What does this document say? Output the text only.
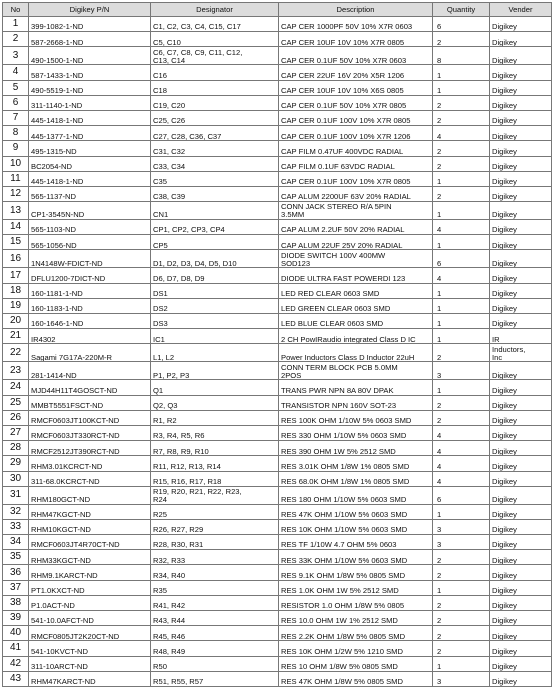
No	Digikey P/N	Designator	Description	Quantity	Vender
1	399-1082-1-ND	C1, C2, C3, C4, C15, C17	CAP CER 1000PF 50V 10% X7R 0603	6	Digikey
2	587-2668-1-ND	C5, C10	CAP CER 10UF 10V 10% X7R 0805	2	Digikey
3	490-1500-1-ND	C6, C7, C8, C9, C11, C12,
C13, C14	CAP CER 0.1UF 50V 10% X7R 0603	8	Digikey
4	587-1433-1-ND	C16	CAP CER 22UF 16V 20% X5R 1206	1	Digikey
5	490-5519-1-ND	C18	CAP CER 10UF 10V 10% X6S 0805	1	Digikey
6	311-1140-1-ND	C19, C20	CAP CER 0.1UF 50V 10% X7R 0805	2	Digikey
7	445-1418-1-ND	C25, C26	CAP CER 0.1UF 100V 10% X7R 0805	2	Digikey
8	445-1377-1-ND	C27, C28, C36, C37	CAP CER 0.1UF 100V 10% X7R 1206	4	Digikey
9	495-1315-ND	C31, C32	CAP FILM 0.47UF 400VDC RADIAL	2	Digikey
10	BC2054-ND	C33, C34	CAP FILM 0.1UF 63VDC RADIAL	2	Digikey
11	445-1418-1-ND	C35	CAP CER 0.1UF 100V 10% X7R 0805	1	Digikey
12	565-1137-ND	C38, C39	CAP ALUM 2200UF 63V 20% RADIAL	2	Digikey
13	CP1-3545N-ND	CN1	CONN JACK STEREO R/A 5PIN
3.5MM	1	Digikey
14	565-1103-ND	CP1, CP2, CP3, CP4	CAP ALUM 2.2UF 50V 20% RADIAL	4	Digikey
15	565-1056-ND	CP5	CAP ALUM 22UF 25V 20% RADIAL	1	Digikey
16	1N4148W-FDICT-ND	D1, D2, D3, D4, D5, D10	DIODE SWITCH 100V 400MW
SOD123	6	Digikey
17	DFLU1200-7DICT-ND	D6, D7, D8, D9	DIODE ULTRA FAST POWERDI 123	4	Digikey
18	160-1181-1-ND	DS1	LED RED CLEAR 0603 SMD	1	Digikey
19	160-1183-1-ND	DS2	LED GREEN CLEAR 0603 SMD	1	Digikey
20	160-1646-1-ND	DS3	LED BLUE CLEAR 0603 SMD	1	Digikey
21	IR4302	IC1	2 CH PowIRaudio integrated Class D IC	1	IR
22	Sagami 7G17A-220M-R	L1, L2	Power Inductors Class D Inductor 22uH	2	Inductors,
Inc
23	281-1414-ND	P1, P2, P3	CONN TERM BLOCK PCB 5.0MM
2POS	3	Digikey
24	MJD44H11T4GOSCT-ND	Q1	TRANS PWR NPN 8A 80V DPAK	1	Digikey
25	MMBT5551FSCT-ND	Q2, Q3	TRANSISTOR NPN 160V SOT-23	2	Digikey
26	RMCF0603JT100KCT-ND	R1, R2	RES 100K OHM 1/10W 5% 0603 SMD	2	Digikey
27	RMCF0603JT330RCT-ND	R3, R4, R5, R6	RES 330 OHM 1/10W 5% 0603 SMD	4	Digikey
28	RMCF2512JT390RCT-ND	R7, R8, R9, R10	RES 390 OHM 1W 5% 2512 SMD	4	Digikey
29	RHM3.01KCRCT-ND	R11, R12, R13, R14	RES 3.01K OHM 1/8W 1% 0805 SMD	4	Digikey
30	311-68.0KCRCT-ND	R15, R16, R17, R18	RES 68.0K OHM 1/8W 1% 0805 SMD	4	Digikey
31	RHM180GCT-ND	R19, R20, R21, R22, R23,
R24	RES 180 OHM 1/10W 5% 0603 SMD	6	Digikey
32	RHM47KGCT-ND	R25	RES 47K OHM 1/10W 5% 0603 SMD	1	Digikey
33	RHM10KGCT-ND	R26, R27, R29	RES 10K OHM 1/10W 5% 0603 SMD	3	Digikey
34	RMCF0603JT4R70CT-ND	R28, R30, R31	RES TF 1/10W 4.7 OHM 5% 0603	3	Digikey
35	RHM33KGCT-ND	R32, R33	RES 33K OHM 1/10W 5% 0603 SMD	2	Digikey
36	RHM9.1KARCT-ND	R34, R40	RES 9.1K OHM 1/8W 5% 0805 SMD	2	Digikey
37	PT1.0KXCT-ND	R35	RES 1.0K OHM 1W 5% 2512 SMD	1	Digikey
38	P1.0ACT-ND	R41, R42	RESISTOR 1.0 OHM 1/8W 5% 0805	2	Digikey
39	541-10.0AFCT-ND	R43, R44	RES 10.0 OHM 1W 1% 2512 SMD	2	Digikey
40	RMCF0805JT2K20CT-ND	R45, R46	RES 2.2K OHM 1/8W 5% 0805 SMD	2	Digikey
41	541-10KVCT-ND	R48, R49	RES 10K OHM 1/2W 5% 1210 SMD	2	Digikey
42	311-10ARCT-ND	R50	RES 10 OHM 1/8W 5% 0805 SMD	1	Digikey
43	RHM47KARCT-ND	R51, R55, R57	RES 47K OHM 1/8W 5% 0805 SMD	3	Digikey
